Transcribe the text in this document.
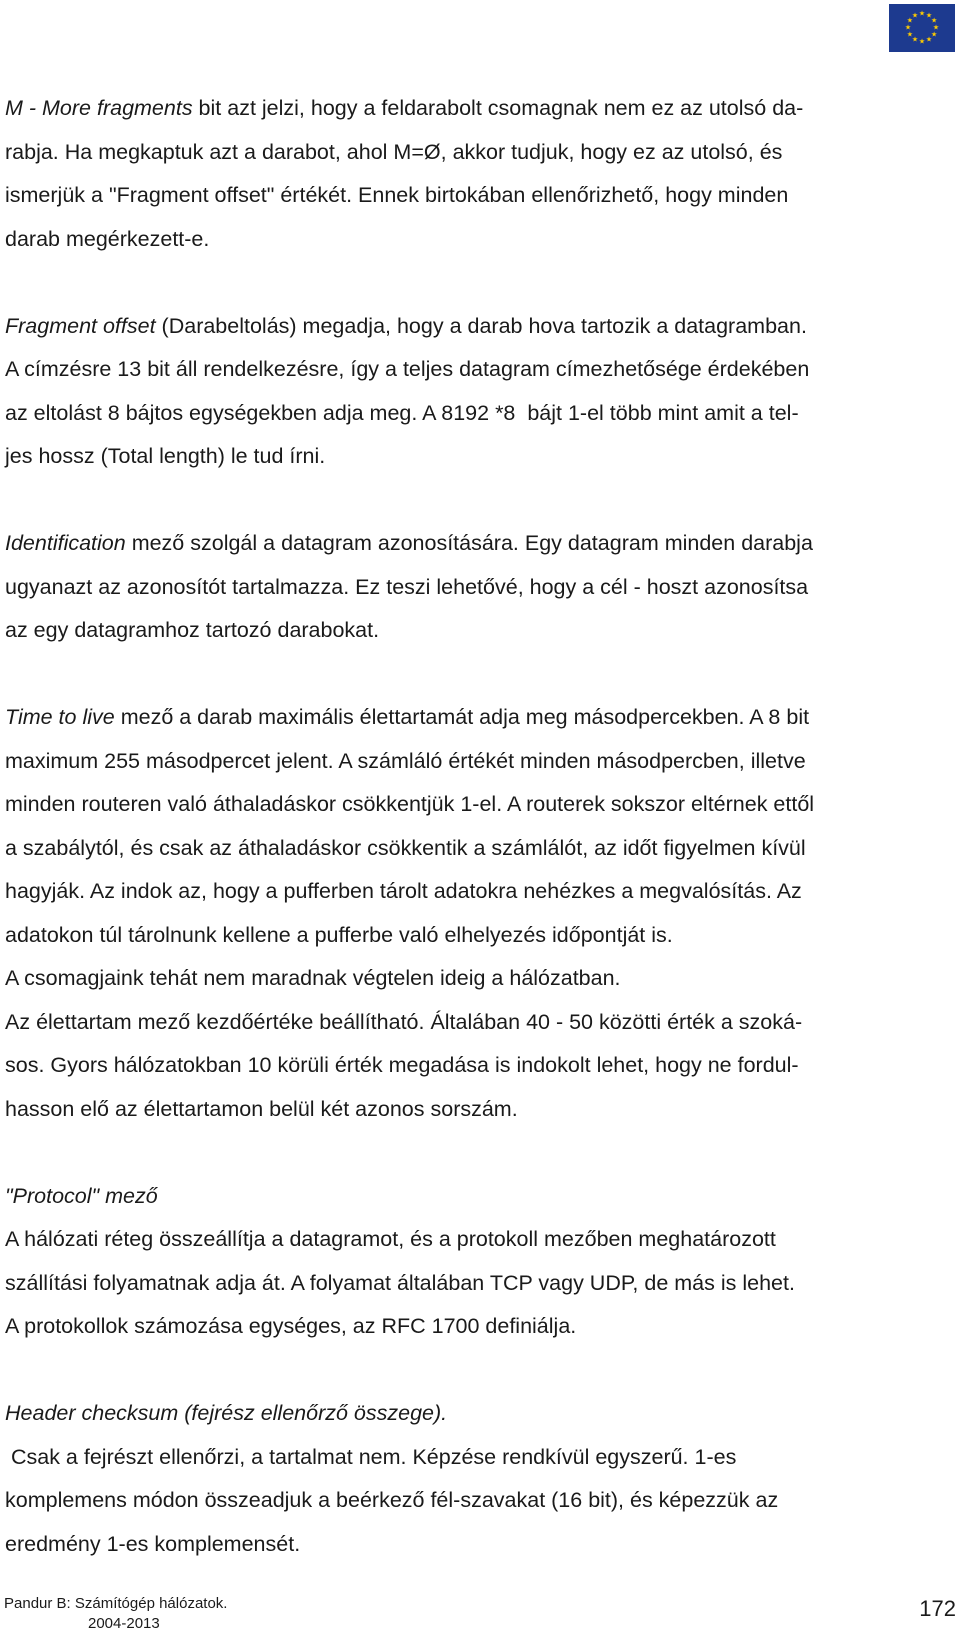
★ ★
★
★
★
★
★
★
★
★
★
★

M - More fragments bit azt jelzi, hogy a feldarabolt csomagnak nem ez az utolsó da-

rabja. Ha megkaptuk azt a darabot, ahol M=Ø, akkor tudjuk, hogy ez az utolsó, és

ismerjük a "Fragment offset" értékét. Ennek birtokában ellenőrizhető, hogy minden

darab megérkezett-e.

Fragment offset (Darabeltolás) megadja, hogy a darab hova tartozik a datagramban.

A címzésre 13 bit áll rendelkezésre, így a teljes datagram címezhetősége érdekében

az eltolást 8 bájtos egységekben adja meg. A 8192 *8  bájt 1-el több mint amit a tel-

jes hossz (Total length) le tud írni.

Identification mező szolgál a datagram azonosítására. Egy datagram minden darabja

ugyanazt az azonosítót tartalmazza. Ez teszi lehetővé, hogy a cél - hoszt azonosítsa

az egy datagramhoz tartozó darabokat.

Time to live mező a darab maximális élettartamát adja meg másodpercekben. A 8 bit

maximum 255 másodpercet jelent. A számláló értékét minden másodpercben, illetve

minden routeren való áthaladáskor csökkentjük 1-el. A routerek sokszor eltérnek ettől

a szabálytól, és csak az áthaladáskor csökkentik a számlálót, az időt figyelmen kívül

hagyják. Az indok az, hogy a pufferben tárolt adatokra nehézkes a megvalósítás. Az

adatokon túl tárolnunk kellene a pufferbe való elhelyezés időpontját is.

A csomagjaink tehát nem maradnak végtelen ideig a hálózatban.

Az élettartam mező kezdőértéke beállítható. Általában 40 - 50 közötti érték a szoká-

sos. Gyors hálózatokban 10 körüli érték megadása is indokolt lehet, hogy ne fordul-

hasson elő az élettartamon belül két azonos sorszám.

"Protocol" mező

A hálózati réteg összeállítja a datagramot, és a protokoll mezőben meghatározott

szállítási folyamatnak adja át. A folyamat általában TCP vagy UDP, de más is lehet.

A protokollok számozása egységes, az RFC 1700 definiálja.

Header checksum (fejrész ellenőrző összege).

Csak a fejrészt ellenőrzi, a tartalmat nem. Képzése rendkívül egyszerű. 1-es

komplemens módon összeadjuk a beérkező fél-szavakat (16 bit), és képezzük az

eredmény 1-es komplemensét.

Pandur B: Számítógép hálózatok.
2004-2013
172
